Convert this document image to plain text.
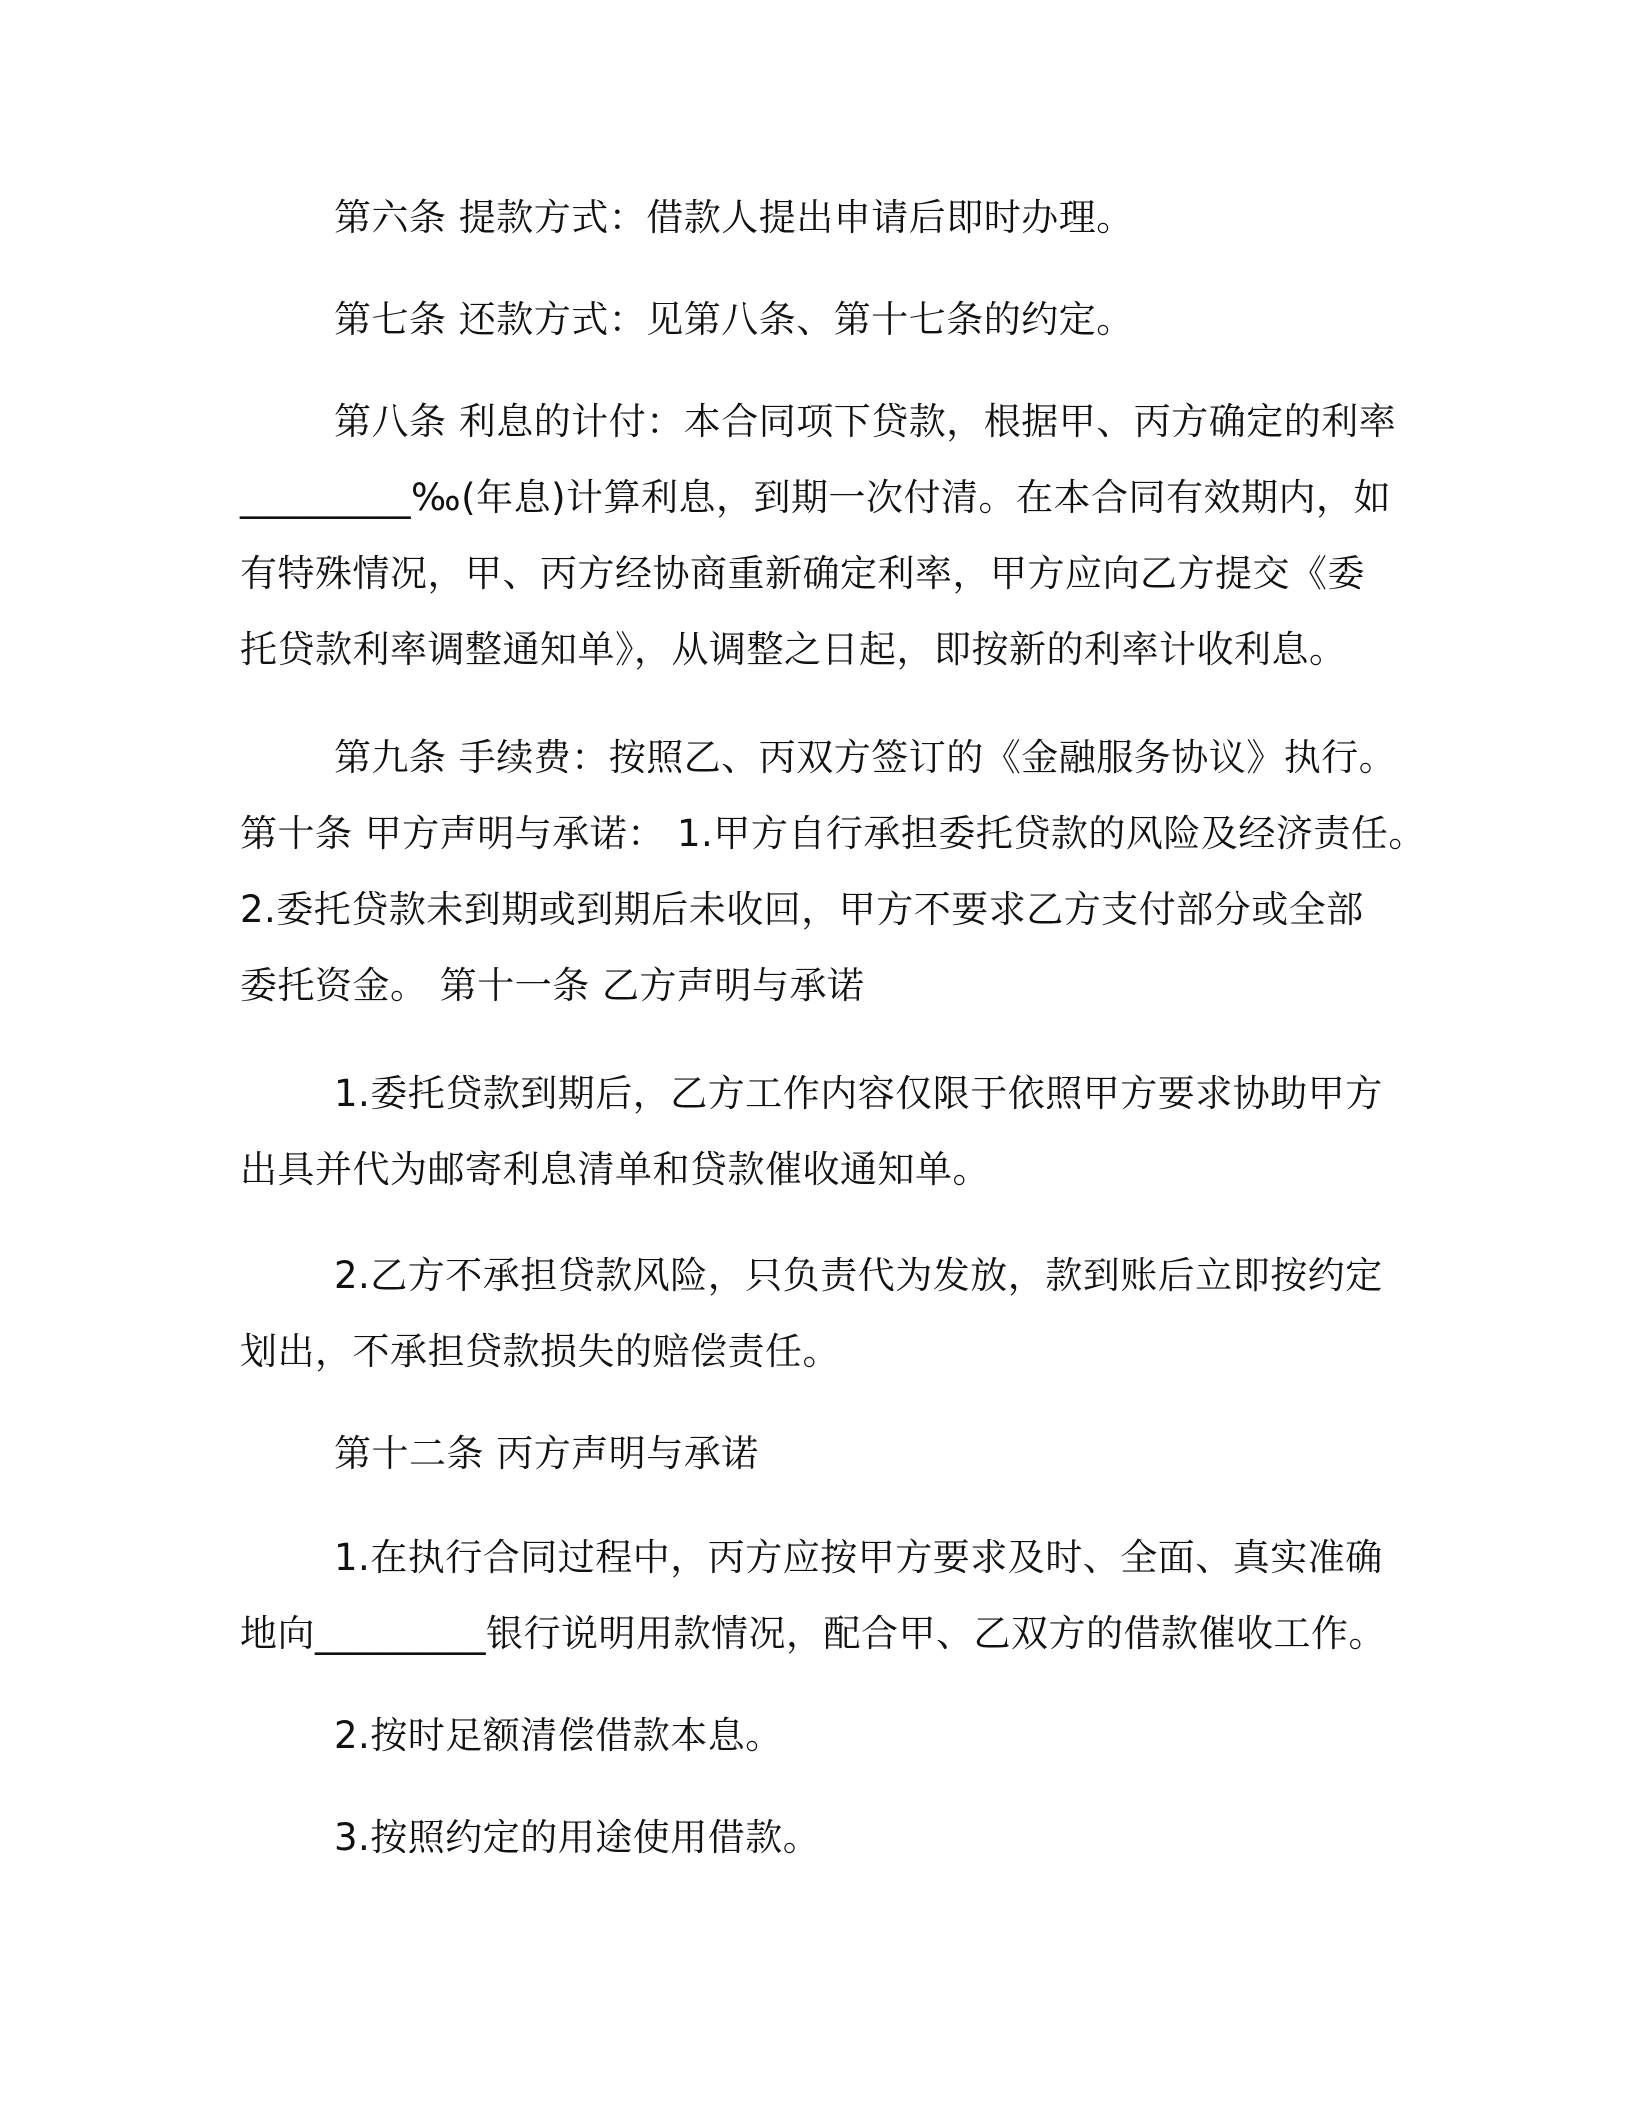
第六条 提款方式：借款人提出申请后即时办理。
第七条 还款方式：见第八条、第十七条的约定。
第八条 利息的计付：本合同项下贷款，根据甲、丙方确定的利率
_________‰(年息)计算利息，到期一次付清。在本合同有效期内，如
有特殊情况，甲、丙方经协商重新确定利率，甲方应向乙方提交《委
托贷款利率调整通知单》，从调整之日起，即按新的利率计收利息。
第九条 手续费：按照乙、丙双方签订的《金融服务协议》执行。
第十条 甲方声明与承诺： 1.甲方自行承担委托贷款的风险及经济责任。
2.委托贷款未到期或到期后未收回，甲方不要求乙方支付部分或全部
委托资金。 第十一条 乙方声明与承诺
1.委托贷款到期后，乙方工作内容仅限于依照甲方要求协助甲方
出具并代为邮寄利息清单和贷款催收通知单。
2.乙方不承担贷款风险，只负责代为发放，款到账后立即按约定
划出，不承担贷款损失的赔偿责任。
第十二条 丙方声明与承诺
1.在执行合同过程中，丙方应按甲方要求及时、全面、真实准确
地向_________银行说明用款情况，配合甲、乙双方的借款催收工作。
2.按时足额清偿借款本息。
3.按照约定的用途使用借款。
